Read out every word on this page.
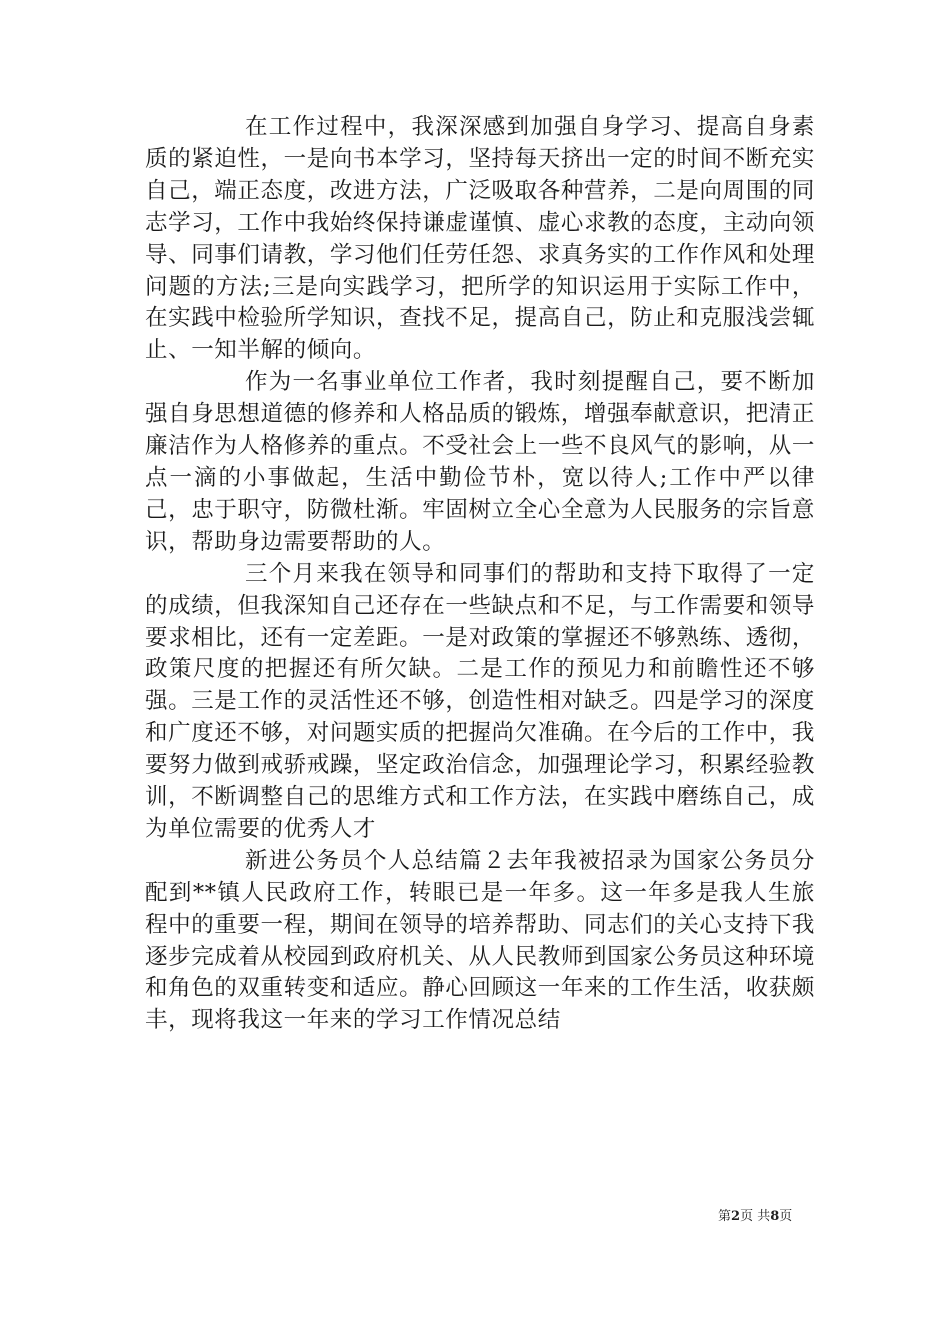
在工作过程中，我深深感到加强自身学习、提高自身素质的紧迫性，一是向书本学习，坚持每天挤出一定的时间不断充实自己，端正态度，改进方法，广泛吸取各种营养，二是向周围的同志学习，工作中我始终保持谦虚谨慎、虚心求教的态度，主动向领导、同事们请教，学习他们任劳任怨、求真务实的工作作风和处理问题的方法;三是向实践学习，把所学的知识运用于实际工作中，在实践中检验所学知识，查找不足，提高自己，防止和克服浅尝辄止、一知半解的倾向。

作为一名事业单位工作者，我时刻提醒自己，要不断加强自身思想道德的修养和人格品质的锻炼，增强奉献意识，把清正廉洁作为人格修养的重点。不受社会上一些不良风气的影响，从一点一滴的小事做起，生活中勤俭节朴，宽以待人;工作中严以律己，忠于职守，防微杜渐。牢固树立全心全意为人民服务的宗旨意识，帮助身边需要帮助的人。

三个月来我在领导和同事们的帮助和支持下取得了一定的成绩，但我深知自己还存在一些缺点和不足，与工作需要和领导要求相比，还有一定差距。一是对政策的掌握还不够熟练、透彻，政策尺度的把握还有所欠缺。二是工作的预见力和前瞻性还不够强。三是工作的灵活性还不够，创造性相对缺乏。四是学习的深度和广度还不够，对问题实质的把握尚欠准确。在今后的工作中，我要努力做到戒骄戒躁，坚定政治信念，加强理论学习，积累经验教训，不断调整自己的思维方式和工作方法，在实践中磨练自己，成为单位需要的优秀人才

新进公务员个人总结篇２去年我被招录为国家公务员分配到**镇人民政府工作，转眼已是一年多。这一年多是我人生旅程中的重要一程，期间在领导的培养帮助、同志们的关心支持下我逐步完成着从校园到政府机关、从人民教师到国家公务员这种环境和角色的双重转变和适应。静心回顾这一年来的工作生活，收获颇丰，现将我这一年来的学习工作情况总结

第2页 共8页
